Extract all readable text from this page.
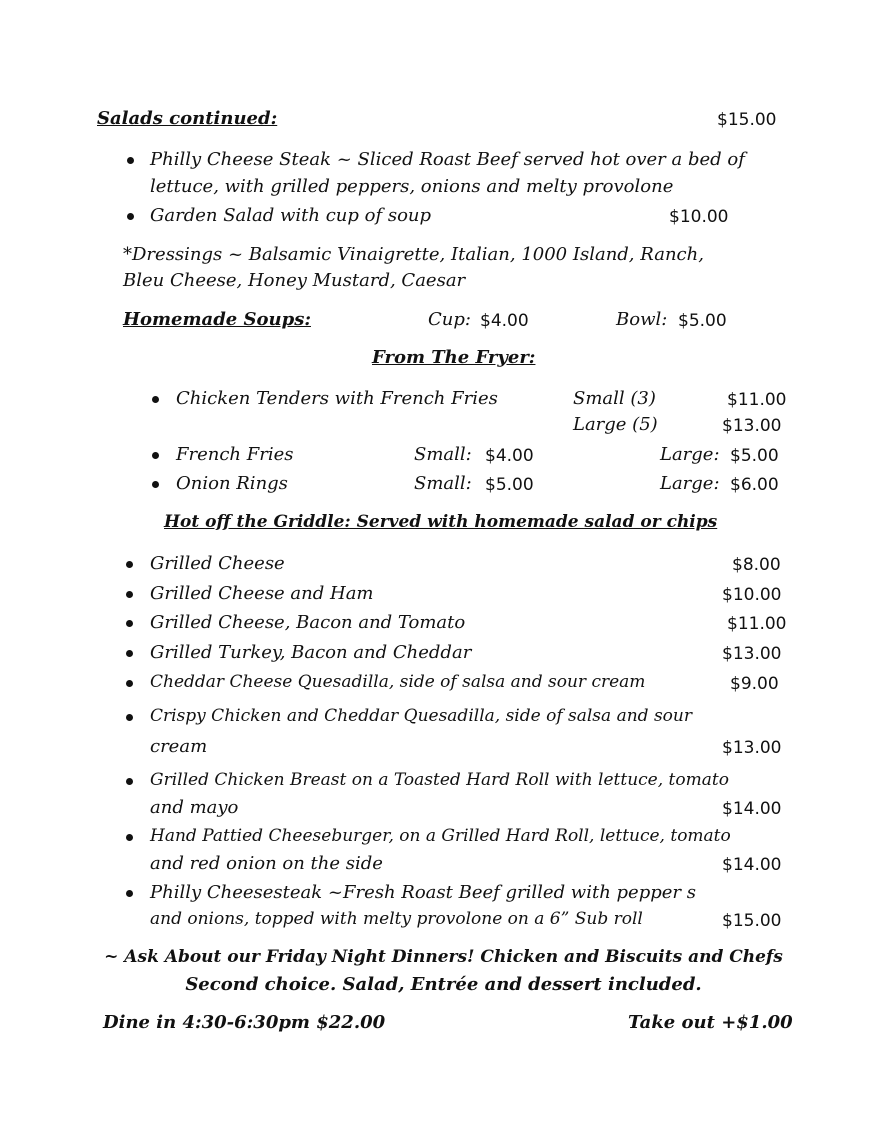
Salads continued:	$15.00
Philly Cheese Steak ~ Sliced Roast Beef served hot over a bed of
lettuce, with grilled peppers, onions and melty provolone
Garden Salad with cup of soup	$10.00
*Dressings ~ Balsamic Vinaigrette, Italian, 1000 Island, Ranch,
Bleu Cheese, Honey Mustard, Caesar
Homemade Soups:	Cup: $4.00	Bowl: $5.00
From The Fryer:
Chicken Tenders with French Fries	Small (3)	$11.00
Large (5)	$13.00
French Fries	Small: $4.00	Large: $5.00
Onion Rings	Small: $5.00	Large: $6.00
Hot off the Griddle: Served with homemade salad or chips
Grilled Cheese	$8.00
Grilled Cheese and Ham	$10.00
Grilled Cheese, Bacon and Tomato	$11.00
Grilled Turkey, Bacon and Cheddar	$13.00
Cheddar Cheese Quesadilla, side of salsa and sour cream	$9.00
Crispy Chicken and Cheddar Quesadilla, side of salsa and sour
cream	$13.00
Grilled Chicken Breast on a Toasted Hard Roll with lettuce, tomato
and mayo	$14.00
Hand Pattied Cheeseburger, on a Grilled Hard Roll, lettuce, tomato
and red onion on the side	$14.00
Philly Cheesesteak ~Fresh Roast Beef grilled with pepper s
and onions, topped with melty provolone on a 6” Sub roll	$15.00
~ Ask About our Friday Night Dinners! Chicken and Biscuits and Chefs
Second choice. Salad, Entrée and dessert included.
Dine in 4:30-6:30pm $22.00	Take out +$1.00
